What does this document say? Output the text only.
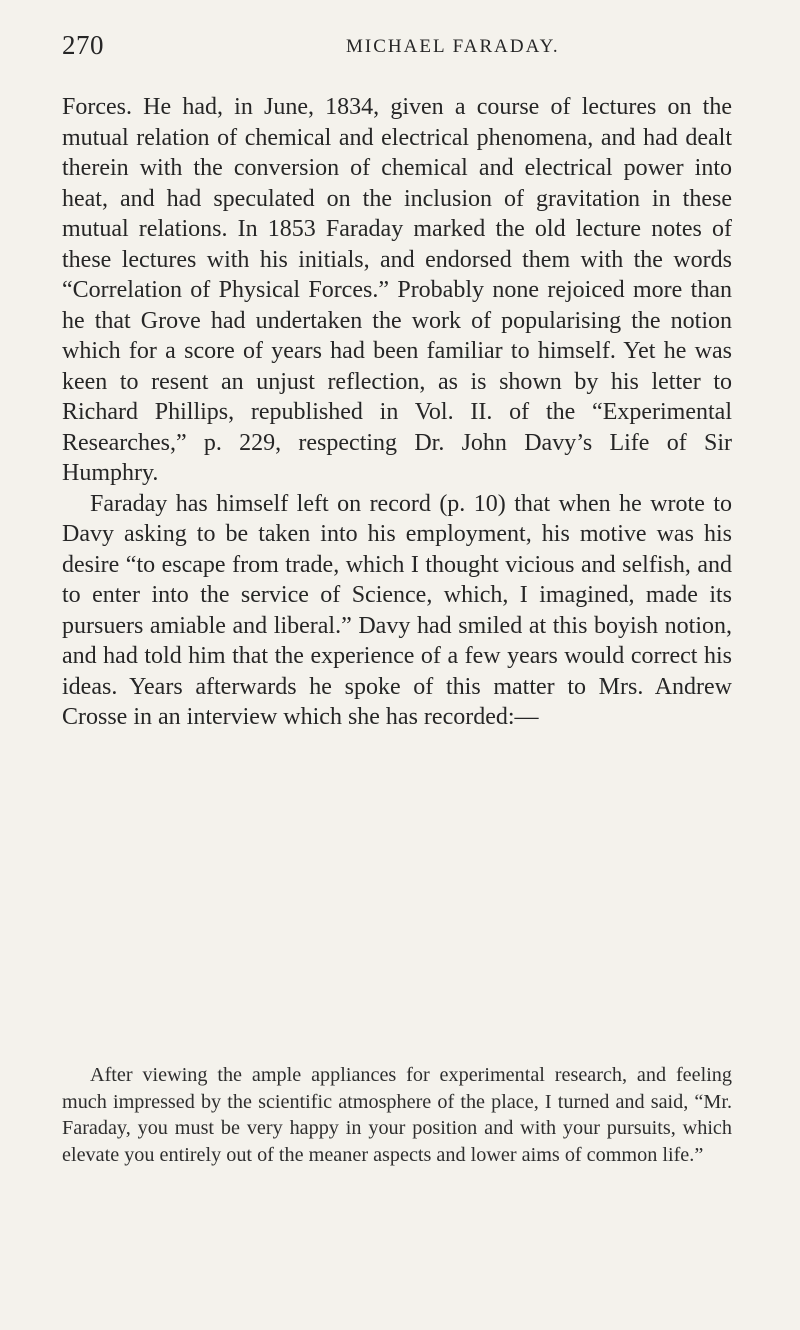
270	MICHAEL FARADAY.

Forces. He had, in June, 1834, given a course of lectures on the mutual relation of chemical and electrical phenomena, and had dealt therein with the conversion of chemical and electrical power into heat, and had speculated on the inclusion of gravitation in these mutual relations. In 1853 Faraday marked the old lecture notes of these lectures with his initials, and endorsed them with the words “Correlation of Physical Forces.” Probably none rejoiced more than he that Grove had undertaken the work of popularising the notion which for a score of years had been familiar to himself. Yet he was keen to resent an unjust reflection, as is shown by his letter to Richard Phillips, republished in Vol. II. of the “Experimental Researches,” p. 229, respecting Dr. John Davy’s Life of Sir Humphry.

Faraday has himself left on record (p. 10) that when he wrote to Davy asking to be taken into his employment, his motive was his desire “to escape from trade, which I thought vicious and selfish, and to enter into the service of Science, which, I imagined, made its pursuers amiable and liberal.” Davy had smiled at this boyish notion, and had told him that the experience of a few years would correct his ideas. Years afterwards he spoke of this matter to Mrs. Andrew Crosse in an interview which she has recorded:—

After viewing the ample appliances for experimental research, and feeling much impressed by the scientific atmosphere of the place, I turned and said, “Mr. Faraday, you must be very happy in your position and with your pursuits, which elevate you entirely out of the meaner aspects and lower aims of common life.”
